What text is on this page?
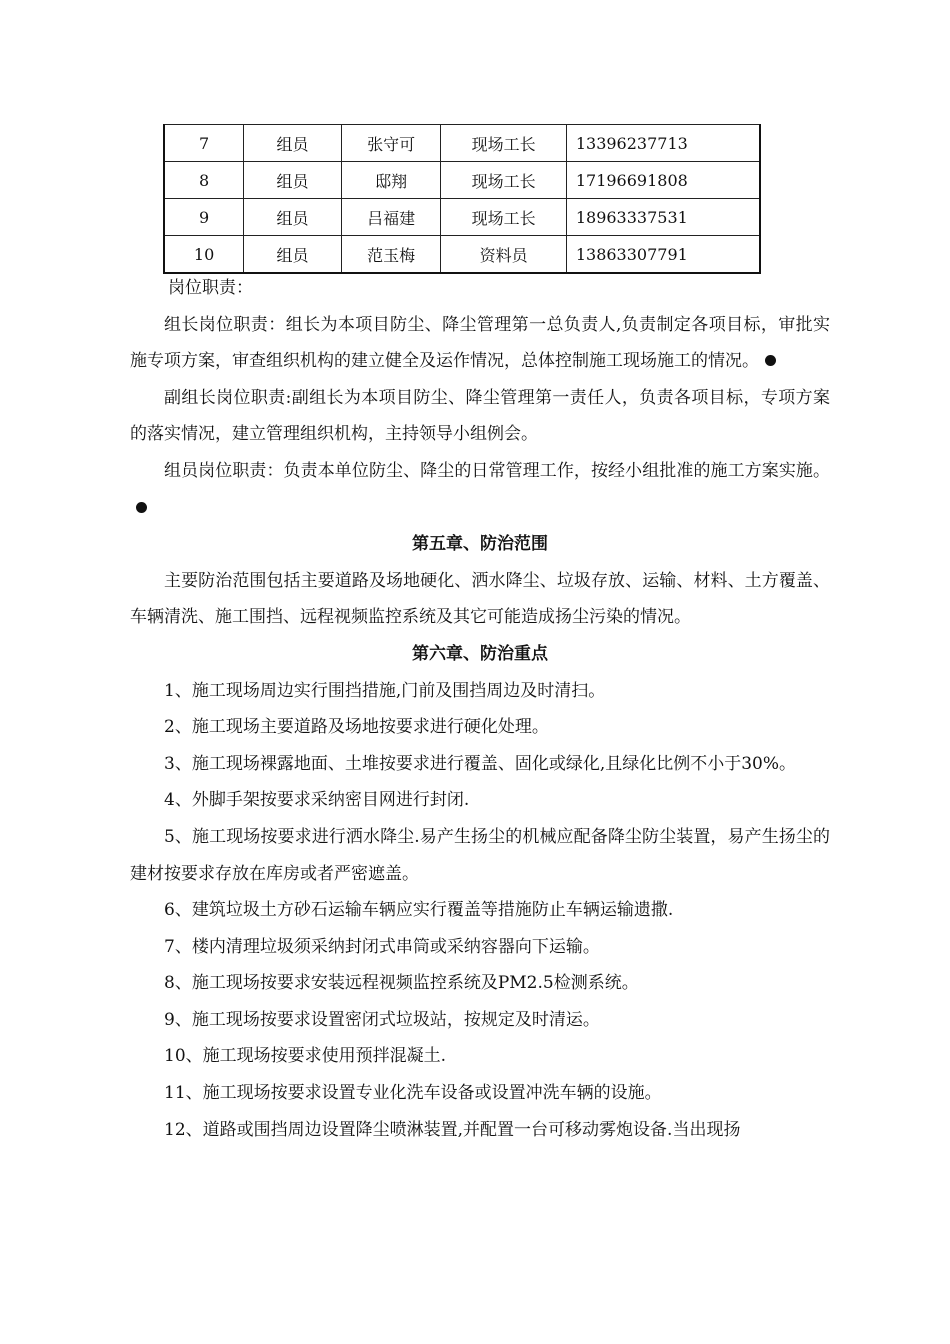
7	组员	张守可	现场工长	13396237713
8	组员	邸翔	现场工长	17196691808
9	组员	吕福建	现场工长	18963337531
10	组员	范玉梅	资料员	13863307791

岗位职责：

组长岗位职责：组长为本项目防尘、降尘管理第一总负责人,负责制定各项目标，审批实施专项方案，审查组织机构的建立健全及运作情况，总体控制施工现场施工的情况。

副组长岗位职责:副组长为本项目防尘、降尘管理第一责任人，负责各项目标，专项方案的落实情况，建立管理组织机构，主持领导小组例会。

组员岗位职责：负责本单位防尘、降尘的日常管理工作，按经小组批准的施工方案实施。

第五章、防治范围

主要防治范围包括主要道路及场地硬化、洒水降尘、垃圾存放、运输、材料、土方覆盖、车辆清洗、施工围挡、远程视频监控系统及其它可能造成扬尘污染的情况。

第六章、防治重点

1、施工现场周边实行围挡措施,门前及围挡周边及时清扫。

2、施工现场主要道路及场地按要求进行硬化处理。

3、施工现场裸露地面、土堆按要求进行覆盖、固化或绿化,且绿化比例不小于30%。

4、外脚手架按要求采纳密目网进行封闭.

5、施工现场按要求进行洒水降尘.易产生扬尘的机械应配备降尘防尘装置，易产生扬尘的建材按要求存放在库房或者严密遮盖。

6、建筑垃圾土方砂石运输车辆应实行覆盖等措施防止车辆运输遗撒.

7、楼内清理垃圾须采纳封闭式串筒或采纳容器向下运输。

8、施工现场按要求安装远程视频监控系统及PM2.5检测系统。

9、施工现场按要求设置密闭式垃圾站，按规定及时清运。

10、施工现场按要求使用预拌混凝土.

11、施工现场按要求设置专业化洗车设备或设置冲洗车辆的设施。

12、道路或围挡周边设置降尘喷淋装置,并配置一台可移动雾炮设备.当出现扬
